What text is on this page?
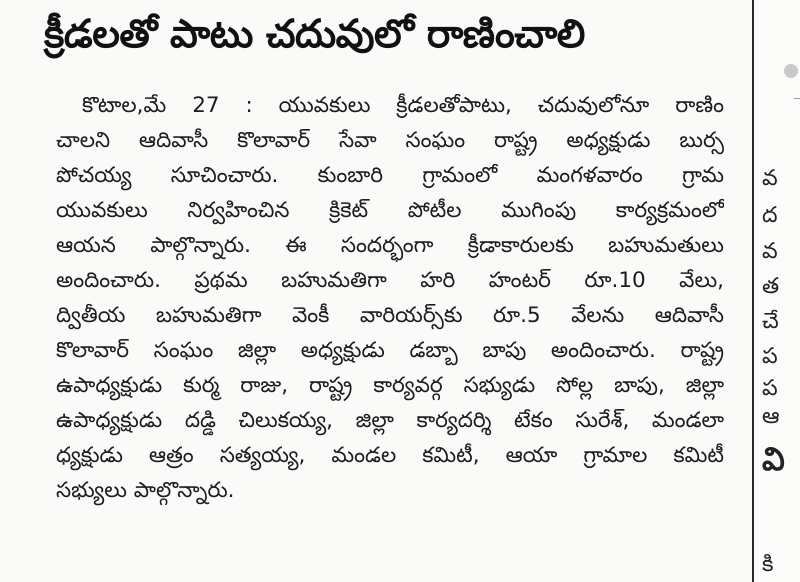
క్రీడలతో పాటు చదువులో రాణించాలి
కొటాల,మే 27 : యువకులు క్రీడలతోపాటు, చదువులోనూ రాణిం
చాలని ఆదివాసీ కొలావార్ సేవా సంఘం రాష్ట్ర అధ్యక్షుడు బుర్స
పోచయ్య సూచించారు. కుంబారి గ్రామంలో మంగళవారం గ్రామ
యువకులు నిర్వహించిన క్రికెట్ పోటీల ముగింపు కార్యక్రమంలో
ఆయన పాల్గొన్నారు. ఈ సందర్భంగా క్రీడాకారులకు బహుమతులు
అందించారు. ప్రథమ బహుమతిగా హరి హంటర్ రూ.10 వేలు,
ద్వితీయ బహుమతిగా వెంకీ వారియర్స్‌కు రూ.5 వేలను ఆదివాసీ
కొలావార్ సంఘం జిల్లా అధ్యక్షుడు డబ్బా బాపు అందించారు. రాష్ట్ర
ఉపాధ్యక్షుడు కుర్మ రాజు, రాష్ట్ర కార్యవర్గ సభ్యుడు సోల్ల బాపు, జిల్లా
ఉపాధ్యక్షుడు దడ్డి చిలుకయ్య, జిల్లా కార్యదర్శి టేకం సురేశ్, మండలా
ధ్యక్షుడు ఆత్రం సత్యయ్య, మండల కమిటీ, ఆయా గ్రామాల కమిటీ
సభ్యులు పాల్గొన్నారు.
వ
ద
వ
త
చే
ప
ప
ఆ
వి
కి
